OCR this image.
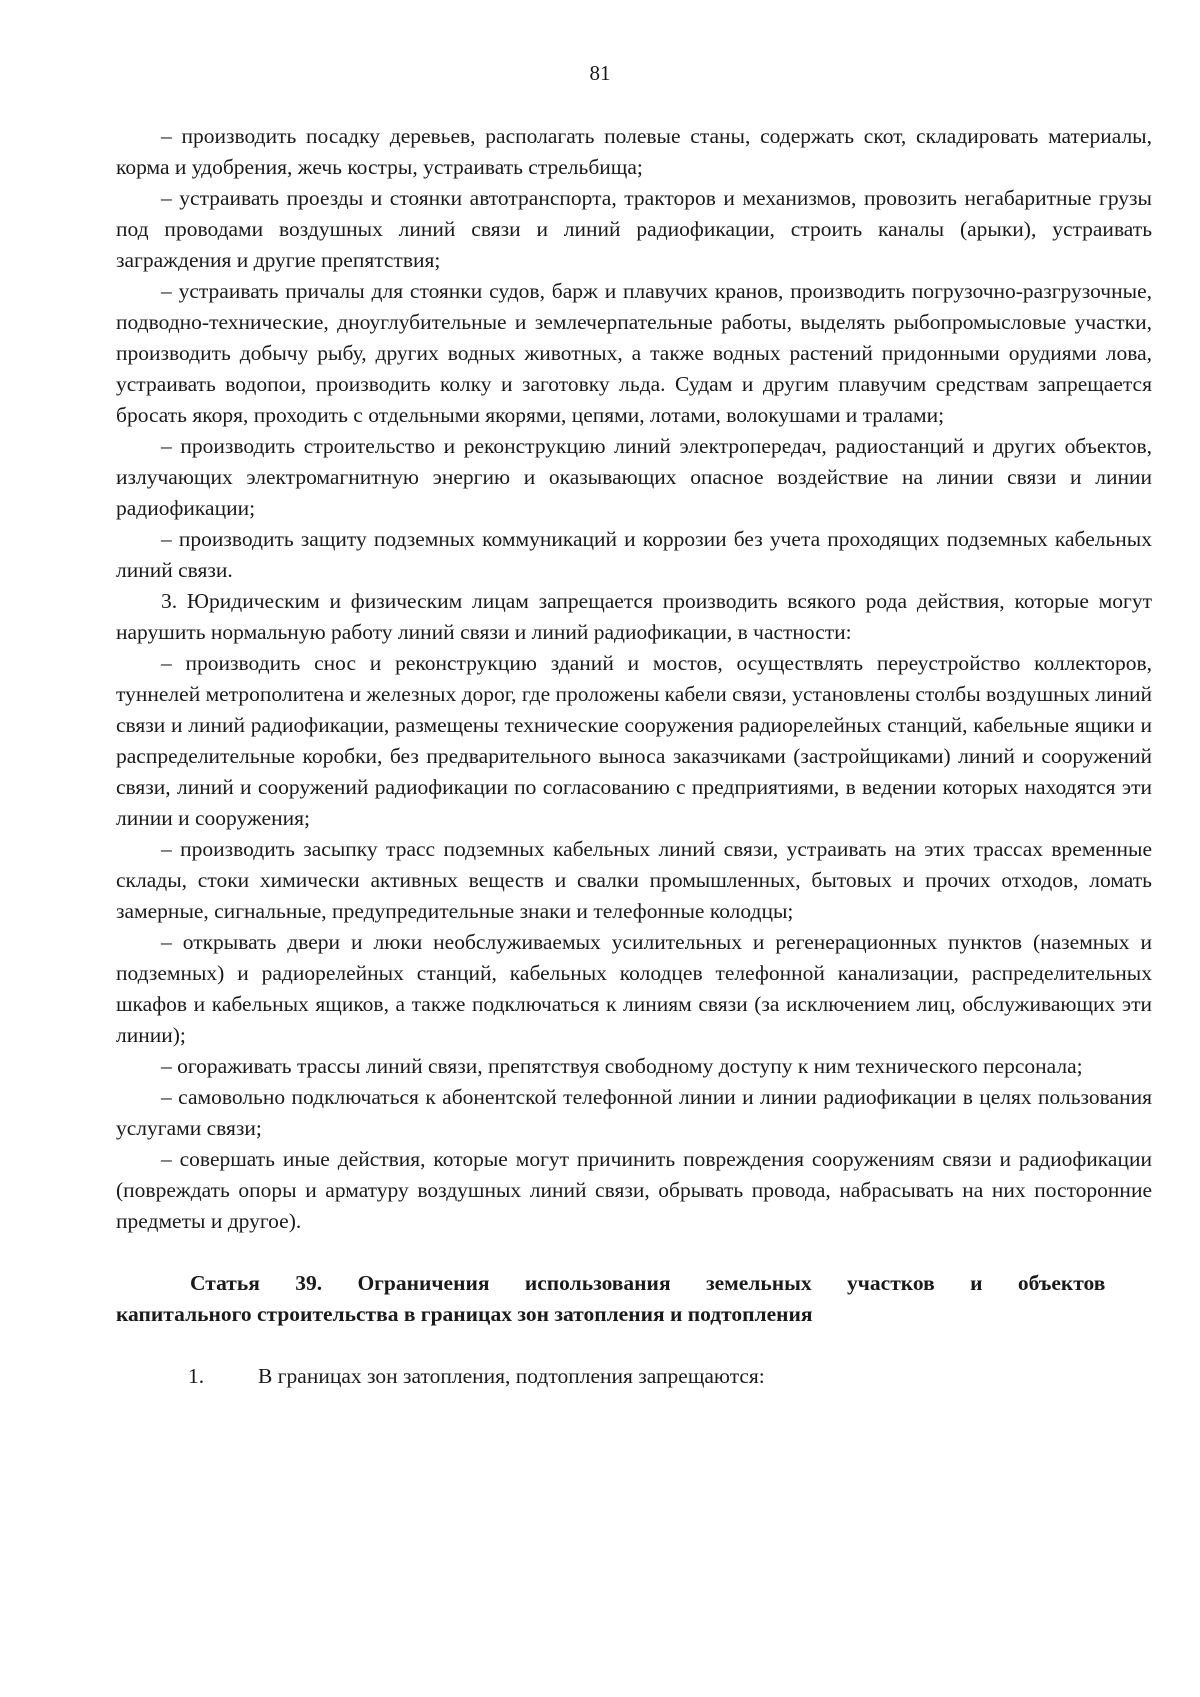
81

– производить посадку деревьев, располагать полевые станы, содержать скот, складировать материалы, корма и удобрения, жечь костры, устраивать стрельбища;

– устраивать проезды и стоянки автотранспорта, тракторов и механизмов, провозить негабаритные грузы под проводами воздушных линий связи и линий радиофикации, строить каналы (арыки), устраивать заграждения и другие препятствия;

– устраивать причалы для стоянки судов, барж и плавучих кранов, производить погрузочно-разгрузочные, подводно-технические, дноуглубительные и землечерпательные работы, выделять рыбопромысловые участки, производить добычу рыбу, других водных животных, а также водных растений придонными орудиями лова, устраивать водопои, производить колку и заготовку льда. Судам и другим плавучим средствам запрещается бросать якоря, проходить с отдельными якорями, цепями, лотами, волокушами и тралами;

– производить строительство и реконструкцию линий электропередач, радиостанций и других объектов, излучающих электромагнитную энергию и оказывающих опасное воздействие на линии связи и линии радиофикации;

– производить защиту подземных коммуникаций и коррозии без учета проходящих подземных кабельных линий связи.

3. Юридическим и физическим лицам запрещается производить всякого рода действия, которые могут нарушить нормальную работу линий связи и линий радиофикации, в частности:

– производить снос и реконструкцию зданий и мостов, осуществлять переустройство коллекторов, туннелей метрополитена и железных дорог, где проложены кабели связи, установлены столбы воздушных линий связи и линий радиофикации, размещены технические сооружения радиорелейных станций, кабельные ящики и распределительные коробки, без предварительного выноса заказчиками (застройщиками) линий и сооружений связи, линий и сооружений радиофикации по согласованию с предприятиями, в ведении которых находятся эти линии и сооружения;

– производить засыпку трасс подземных кабельных линий связи, устраивать на этих трассах временные склады, стоки химически активных веществ и свалки промышленных, бытовых и прочих отходов, ломать замерные, сигнальные, предупредительные знаки и телефонные колодцы;

– открывать двери и люки необслуживаемых усилительных и регенерационных пунктов (наземных и подземных) и радиорелейных станций, кабельных колодцев телефонной канализации, распределительных шкафов и кабельных ящиков, а также подключаться к линиям связи (за исключением лиц, обслуживающих эти линии);

– огораживать трассы линий связи, препятствуя свободному доступу к ним технического персонала;

– самовольно подключаться к абонентской телефонной линии и линии радиофикации в целях пользования услугами связи;

– совершать иные действия, которые могут причинить повреждения сооружениям связи и радиофикации (повреждать опоры и арматуру воздушных линий связи, обрывать провода, набрасывать на них посторонние предметы и другое).

Статья 39. Ограничения использования земельных участков и объектов
капитального строительства в границах зон затопления и подтопления

1.	В границах зон затопления, подтопления запрещаются:
